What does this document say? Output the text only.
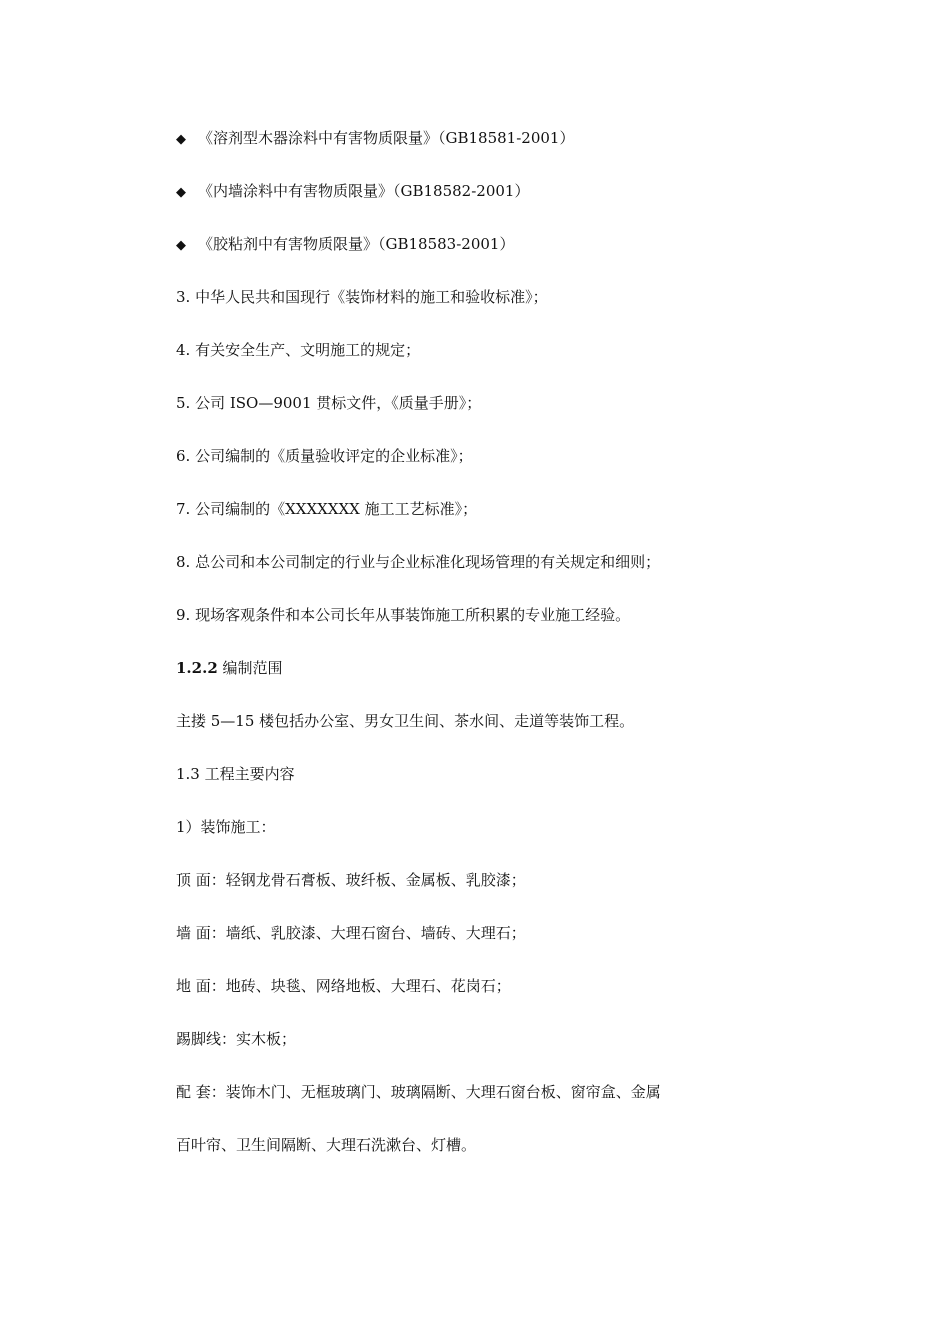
◆ 《溶剂型木器涂料中有害物质限量》（GB18581-2001）
◆ 《内墙涂料中有害物质限量》（GB18582-2001）
◆ 《胶粘剂中有害物质限量》（GB18583-2001）
3. 中华人民共和国现行《装饰材料的施工和验收标准》；
4. 有关安全生产、文明施工的规定；
5. 公司 ISO—9001 贯标文件，《质量手册》；
6. 公司编制的《质量验收评定的企业标准》；
7. 公司编制的《XXXXXXX 施工工艺标准》；
8. 总公司和本公司制定的行业与企业标准化现场管理的有关规定和细则；
9. 现场客观条件和本公司长年从事装饰施工所积累的专业施工经验。
1.2.2 编制范围
主搂 5—15 楼包括办公室、男女卫生间、茶水间、走道等装饰工程。
1.3 工程主要内容
1）装饰施工：
顶 面：轻钢龙骨石膏板、玻纤板、金属板、乳胶漆；
墙 面：墙纸、乳胶漆、大理石窗台、墙砖、大理石；
地 面：地砖、块毯、网络地板、大理石、花岗石；
踢脚线：实木板；
配 套：装饰木门、无框玻璃门、玻璃隔断、大理石窗台板、窗帘盒、金属
百叶帘、卫生间隔断、大理石洗漱台、灯槽。
